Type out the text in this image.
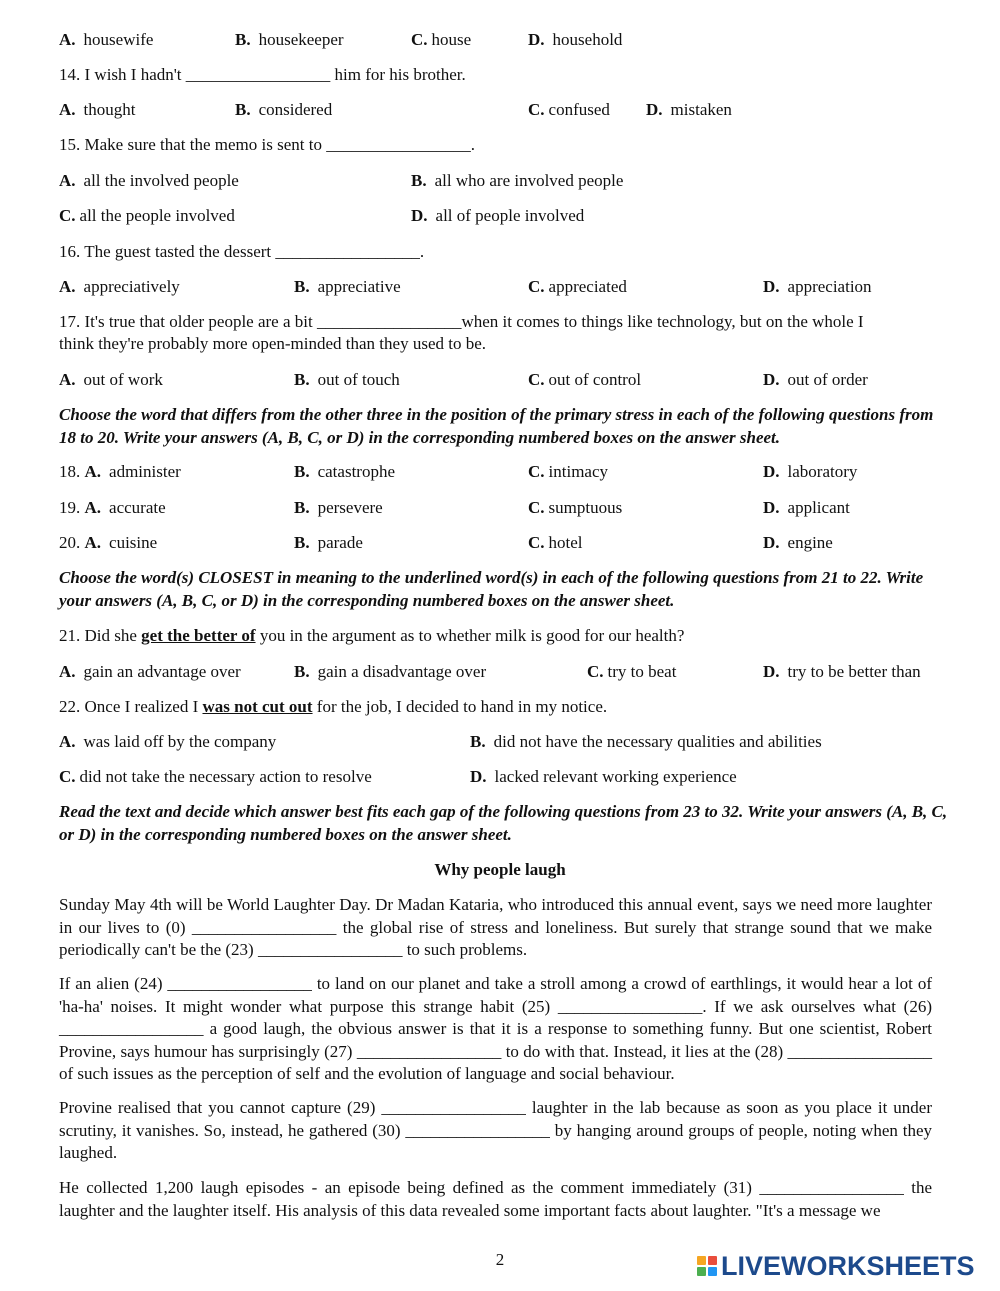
A. housewife	B. housekeeper	C. house	D. household
14. I wish I hadn't _________________ him for his brother.
A. thought	B. considered	C. confused D. mistaken
15. Make sure that the memo is sent to _________________.
A. all the involved people	B. all who are involved people
C. all the people involved	D. all of people involved
16. The guest tasted the dessert _________________.
A. appreciatively	B. appreciative	C. appreciated	D. appreciation
17. It's true that older people are a bit _________________when it comes to things like technology, but on the whole I
think they're probably more open-minded than they used to be.
A. out of work	B. out of touch	C. out of control	D. out of order
Choose the word that differs from the other three in the position of the primary stress in each of the following questions from 18 to 20. Write your answers (A, B, C, or D) in the corresponding numbered boxes on the answer sheet.
18. A. administer	B. catastrophe	C. intimacy	D. laboratory
19. A. accurate	B. persevere	C. sumptuous	D. applicant
20. A. cuisine	B. parade	C. hotel	D. engine
Choose the word(s) CLOSEST in meaning to the underlined word(s) in each of the following questions from 21 to 22. Write your answers (A, B, C, or D) in the corresponding numbered boxes on the answer sheet.
21. Did she get the better of you in the argument as to whether milk is good for our health?
A. gain an advantage over	B. gain a disadvantage over	C. try to beat	D. try to be better than
22. Once I realized I was not cut out for the job, I decided to hand in my notice.
A. was laid off by the company	B. did not have the necessary qualities and abilities
C. did not take the necessary action to resolve	D. lacked relevant working experience
Read the text and decide which answer best fits each gap of the following questions from 23 to 32. Write your answers (A, B, C, or D) in the corresponding numbered boxes on the answer sheet.
Why people laugh
Sunday May 4th will be World Laughter Day. Dr Madan Kataria, who introduced this annual event, says we need more laughter in our lives to (0) _________________ the global rise of stress and loneliness. But surely that strange sound that we make periodically can't be the (23) _________________ to such problems.
If an alien (24) _________________ to land on our planet and take a stroll among a crowd of earthlings, it would hear a lot of 'ha-ha' noises. It might wonder what purpose this strange habit (25) _________________. If we ask ourselves what (26) _________________ a good laugh, the obvious answer is that it is a response to something funny. But one scientist, Robert Provine, says humour has surprisingly (27) _________________ to do with that. Instead, it lies at the (28) _________________ of such issues as the perception of self and the evolution of language and social behaviour.
Provine realised that you cannot capture (29) _________________ laughter in the lab because as soon as you place it under scrutiny, it vanishes. So, instead, he gathered (30) _________________ by hanging around groups of people, noting when they laughed.
He collected 1,200 laugh episodes - an episode being defined as the comment immediately (31) _________________ the laughter and the laughter itself. His analysis of this data revealed some important facts about laughter. "It's a message we
2	LIVEWORKSHEETS
